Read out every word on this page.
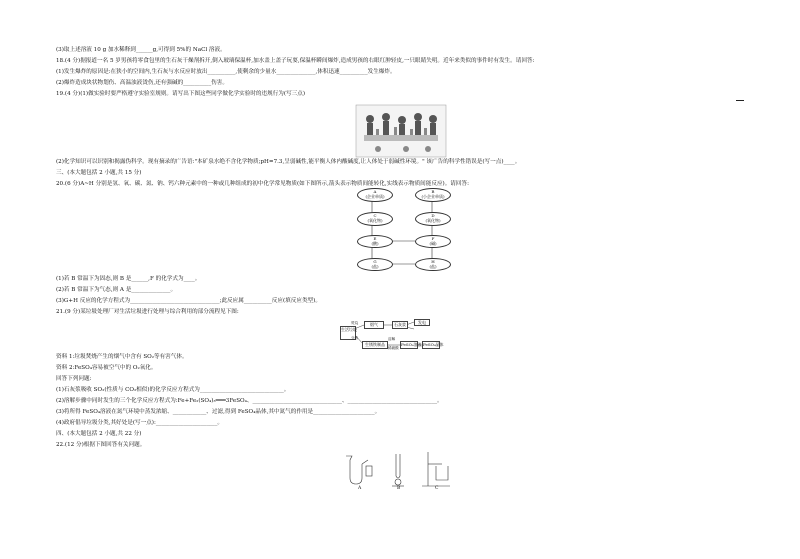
(3)取上述溶液 10 g 加水稀释到______g,可得到 5%的 NaCl 溶液。
18.(4 分)据报道一名 5 岁男孩将零食包里的生石灰干燥剂拆开,倒入玻璃保温杯,加水盖上盖子玩耍,保温杯瞬间爆炸,造成男孩的右眼红肿轻皮,一只眼睛失明。近年来类似的事件时有发生。请回答:
(1)发生爆炸的原因是:在狭小的空间内,生石灰与水反应时放出__________,使剩余的少量水______________,体积迅速__________发生爆炸。
(2)爆炸造成块状物划伤、高温浊液烫伤,还有强碱的__________伤害。
19.(4 分)(1)做实验时要严格遵守实验室规则。请写出下图这些同学做化学实验时的违规行为(写三点)
(2)化学知识可以识别和揭露伪科学。现有摘录的广告语:"本矿泉水绝不含化学物质;pH=7.3,呈弱碱性,能平衡人体内酸碱度,让人体处于弱碱性环境。" 该广告的科学性错误是(写一点)____。
三、(本大题包括 2 小题,共 15 分)
20.(6 分)A~H 分别是氢、氧、碳、氮、钠、钙六种元素中的一种或几种组成的初中化学常见物质(如下图所示,箭头表示物质间能转化,实线表示物质间能反应)。请回答:
A
(企业单质)
B
(小企业单质)
C
(氧化物)
D
(氧化物)
E
(酸)
F
(碱)
G
(盐)
H
(盐)
(1)若 B 常温下为固态,则 B 是______,F 的化学式为____。
(2)若 B 常温下为气态,则 A 是______________。
(3)G+H 反应的化学方程式为________________________________;此反应属__________反应(填反应类型)。
21.(9 分)某垃圾处理厂对生活垃圾进行处理与综合利用的部分流程见下图:
生活垃圾
焚烧
分拣
烟气	石灰浆	发电
生锈铁制品
溶解
稀硫酸
FeSO₄溶液 FeSO₄晶体
资料 1:垃圾焚烧产生的烟气中含有 SO₂等有害气体。
资料 2:FeSO₄容易被空气中的 O₂氧化。
回答下列问题:
(1)石灰浆吸收 SO₂(性质与 CO₂相似)的化学反应方程式为______________________________。
(2)溶解步骤中同时发生的三个化学反应方程式为:Fe+Fe₂(SO₄)₃═══3FeSO₄、________________________________、________________________________。
(3)将所得 FeSO₄溶液在氮气环境中蒸发浓缩、____________、过滤,得到 FeSO₄晶体,其中氮气的作用是______________________。
(4)政府倡导垃圾分类,其好处是(写一点):______________________。
四、(本大题包括 2 小题,共 22 分)
22.(12 分)根据下图回答有关问题。
A	B	C
